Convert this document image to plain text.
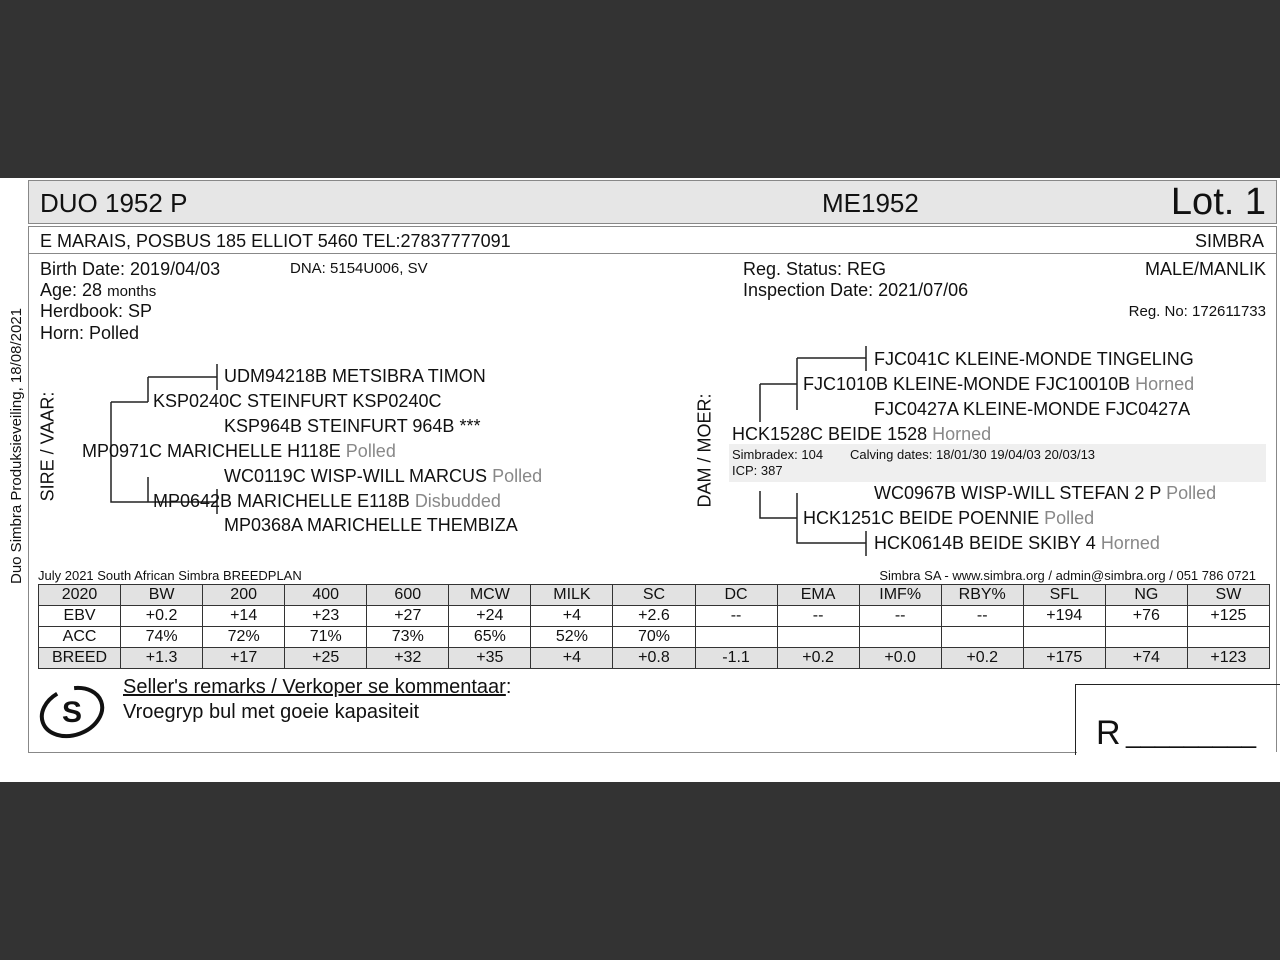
Duo Simbra Produksieveiling, 18/08/2021
DUO 1952 P	ME1952	Lot. 1
E MARAIS, POSBUS 185 ELLIOT 5460 TEL:27837777091	SIMBRA
Birth Date: 2019/04/03	DNA: 5154U006, SV
Age: 28 months
Herdbook: SP
Horn: Polled
Reg. Status: REG
Inspection Date: 2021/07/06
MALE/MANLIK
Reg. No: 172611733
SIRE / VAAR:
UDM94218B METSIBRA TIMON
KSP0240C STEINFURT KSP0240C
KSP964B STEINFURT 964B ***
MP0971C MARICHELLE H118E Polled
WC0119C WISP-WILL MARCUS Polled
MP0642B MARICHELLE E118B Disbudded
MP0368A MARICHELLE THEMBIZA
DAM / MOER:
FJC041C KLEINE-MONDE TINGELING
FJC1010B KLEINE-MONDE FJC10010B Horned
FJC0427A KLEINE-MONDE FJC0427A
HCK1528C BEIDE 1528 Horned
Simbradex: 104 Calving dates: 18/01/30 19/04/03 20/03/13
ICP: 387
WC0967B WISP-WILL STEFAN 2 P Polled
HCK1251C BEIDE POENNIE Polled
HCK0614B BEIDE SKIBY 4 Horned
July 2021 South African Simbra BREEDPLAN	Simbra SA - www.simbra.org / admin@simbra.org / 051 786 0721
2020	BW	200	400	600	MCW	MILK	SC	DC	EMA	IMF%	RBY%	SFL	NG	SW
EBV	+0.2	+14	+23	+27	+24	+4	+2.6	--	--	--	--	+194	+76	+125
ACC	74%	72%	71%	73%	65%	52%	70%							
BREED	+1.3	+17	+25	+32	+35	+4	+0.8	-1.1	+0.2	+0.0	+0.2	+175	+74	+123
S
Seller's remarks / Verkoper se kommentaar:
Vroegryp bul met goeie kapasiteit
R _________
